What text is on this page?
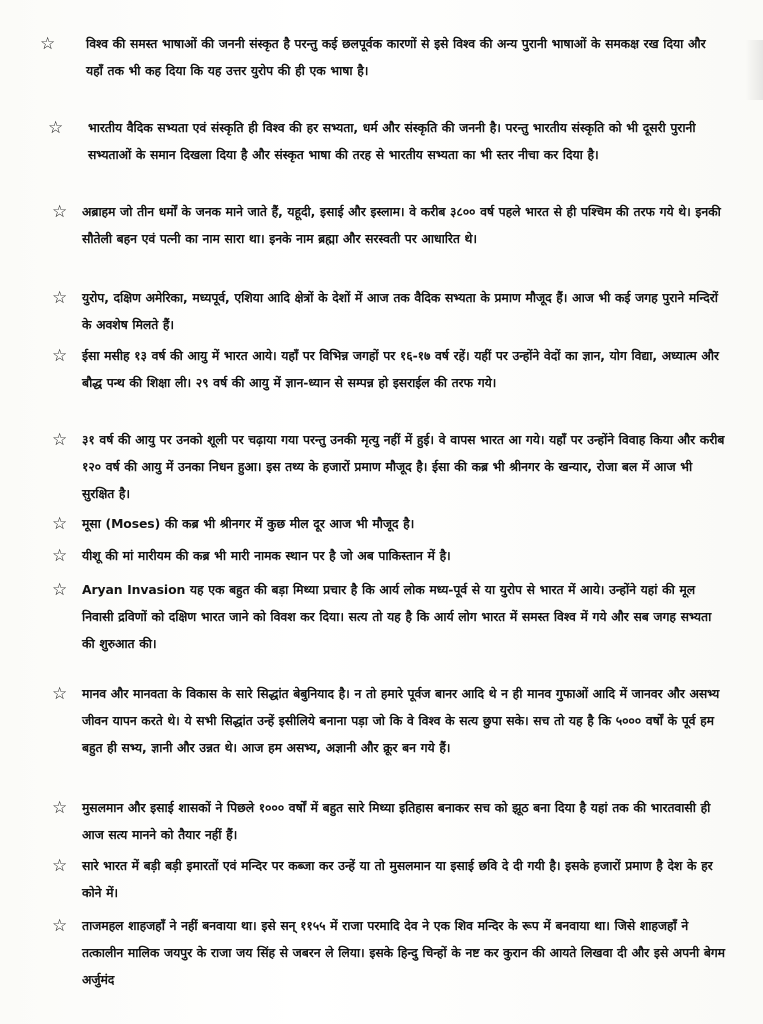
☆ विश्व की समस्त भाषाओं की जननी संस्कृत है परन्तु कई छलपूर्वक कारणों से इसे विश्व की अन्य पुरानी भाषाओं के समकक्ष रख दिया और यहाँ तक भी कह दिया कि यह उत्तर युरोप की ही एक भाषा है।
☆ भारतीय वैदिक सभ्यता एवं संस्कृति ही विश्व की हर सभ्यता, धर्म और संस्कृति की जननी है। परन्तु भारतीय संस्कृति को भी दूसरी पुरानी सभ्यताओं के समान दिखला दिया है और संस्कृत भाषा की तरह से भारतीय सभ्यता का भी स्तर नीचा कर दिया है।
☆ अब्राहम जो तीन धर्मों के जनक माने जाते हैं, यहूदी, इसाई और इस्लाम। वे करीब ३८०० वर्ष पहले भारत से ही पश्चिम की तरफ गये थे। इनकी सौतेली बहन एवं पत्नी का नाम सारा था। इनके नाम ब्रह्मा और सरस्वती पर आधारित थे।
☆ युरोप, दक्षिण अमेरिका, मध्यपूर्व, एशिया आदि क्षेत्रों के देशों में आज तक वैदिक सभ्यता के प्रमाण मौजूद हैं। आज भी कई जगह पुराने मन्दिरों के अवशेष मिलते हैं।
☆ ईसा मसीह १३ वर्ष की आयु में भारत आये। यहाँ पर विभिन्न जगहों पर १६-१७ वर्ष रहें। यहीं पर उन्होंने वेदों का ज्ञान, योग विद्या, अध्यात्म और बौद्ध पन्थ की शिक्षा ली। २९ वर्ष की आयु में ज्ञान-ध्यान से सम्पन्न हो इसराईल की तरफ गये।
☆ ३१ वर्ष की आयु पर उनको शूली पर चढ़ाया गया परन्तु उनकी मृत्यु नहीं में हुई। वे वापस भारत आ गये। यहाँ पर उन्होंने विवाह किया और करीब १२० वर्ष की आयु में उनका निधन हुआ। इस तथ्य के हजारों प्रमाण मौजूद है। ईसा की कब्र भी श्रीनगर के खन्यार, रोजा बल में आज भी सुरक्षित है।
☆ मूसा (Moses) की कब्र भी श्रीनगर में कुछ मील दूर आज भी मौजूद है।
☆ यीशू की मां मारीयम की कब्र भी मारी नामक स्थान पर है जो अब पाकिस्तान में है।
☆ Aryan Invasion यह एक बहुत की बड़ा मिथ्या प्रचार है कि आर्य लोक मध्य-पूर्व से या युरोप से भारत में आये। उन्होंने यहां की मूल निवासी द्रविणों को दक्षिण भारत जाने को विवश कर दिया। सत्य तो यह है कि आर्य लोग भारत में समस्त विश्व में गये और सब जगह सभ्यता की शुरुआत की।
☆ मानव और मानवता के विकास के सारे सिद्धांत बेबुनियाद है। न तो हमारे पूर्वज बानर आदि थे न ही मानव गुफाओं आदि में जानवर और असभ्य जीवन यापन करते थे। ये सभी सिद्धांत उन्हें इसीलिये बनाना पड़ा जो कि वे विश्व के सत्य छुपा सके। सच तो यह है कि ५००० वर्षों के पूर्व हम बहुत ही सभ्य, ज्ञानी और उन्नत थे। आज हम असभ्य, अज्ञानी और क्रूर बन गये हैं।
☆ मुसलमान और इसाई शासकों ने पिछले १००० वर्षों में बहुत सारे मिथ्या इतिहास बनाकर सच को झूठ बना दिया है यहां तक की भारतवासी ही आज सत्य मानने को तैयार नहीं हैं।
☆ सारे भारत में बड़ी बड़ी इमारतों एवं मन्दिर पर कब्जा कर उन्हें या तो मुसलमान या इसाई छवि दे दी गयी है। इसके हजारों प्रमाण है देश के हर कोने में।
☆ ताजमहल शाहजहाँ ने नहीं बनवाया था। इसे सन् ११५५ में राजा परमादि देव ने एक शिव मन्दिर के रूप में बनवाया था। जिसे शाहजहाँ ने तत्कालीन मालिक जयपुर के राजा जय सिंह से जबरन ले लिया। इसके हिन्दु चिन्हों के नष्ट कर कुरान की आयते लिखवा दी और इसे अपनी बेगम अर्जुमंद
